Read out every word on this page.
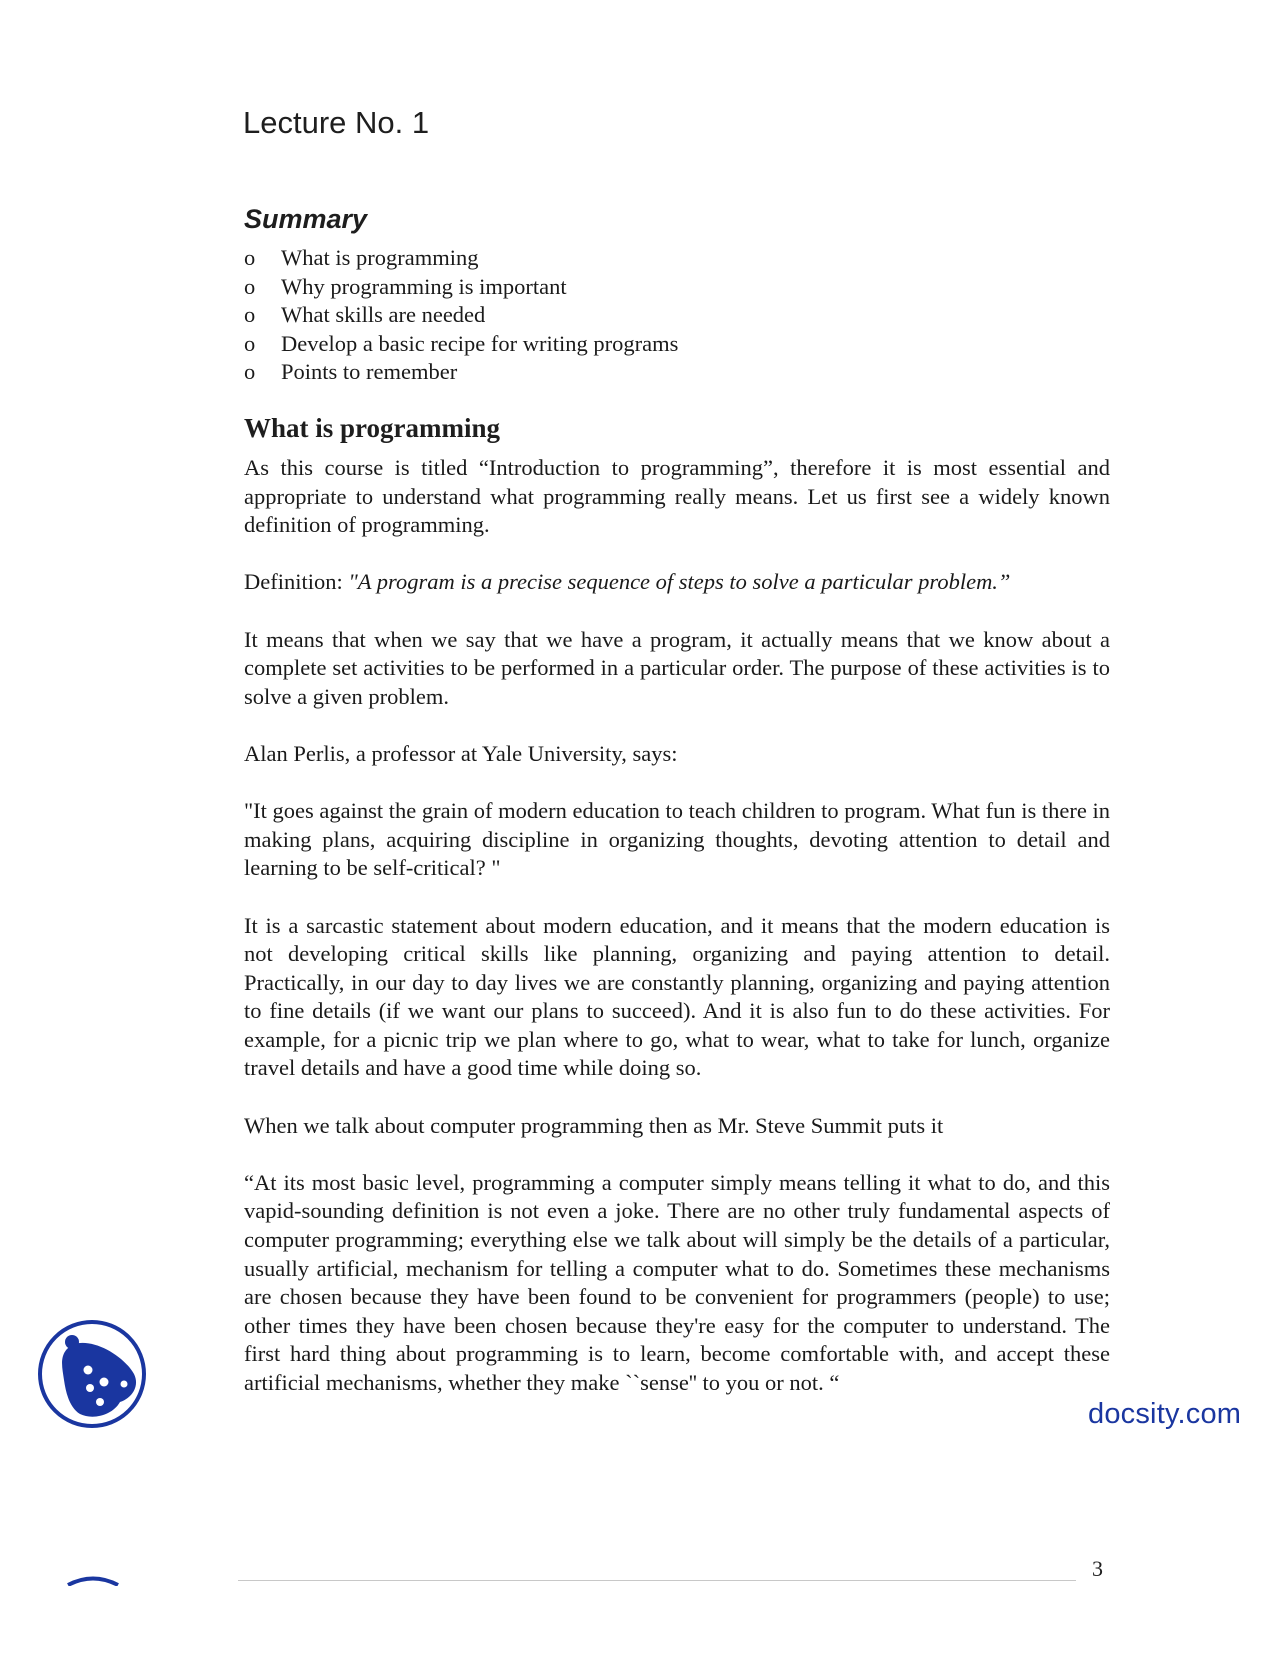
Lecture No. 1
Summary
o	What is programming
o	Why programming is important
o	What skills are needed
o	Develop a basic recipe for writing programs
o	Points to remember
What is programming

As this course is titled “Introduction to programming”, therefore it is most essential and appropriate to understand what programming really means. Let us first see a widely known definition of programming.

Definition: "A program is a precise sequence of steps to solve a particular problem.”

It means that when we say that we have a program, it actually means that we know about a complete set activities to be performed in a particular order. The purpose of these activities is to solve a given problem.

Alan Perlis, a professor at Yale University, says:

"It goes against the grain of modern education to teach children to program. What fun is there in making plans, acquiring discipline in organizing thoughts, devoting attention to detail and learning to be self-critical? "

It is a sarcastic statement about modern education, and it means that the modern education is not developing critical skills like planning, organizing and paying attention to detail. Practically, in our day to day lives we are constantly planning, organizing and paying attention to fine details (if we want our plans to succeed). And it is also fun to do these activities. For example, for a picnic trip we plan where to go, what to wear, what to take for lunch, organize travel details and have a good time while doing so.

When we talk about computer programming then as Mr. Steve Summit puts it

“At its most basic level, programming a computer simply means telling it what to do, and this vapid-sounding definition is not even a joke. There are no other truly fundamental aspects of computer programming; everything else we talk about will simply be the details of a particular, usually artificial, mechanism for telling a computer what to do. Sometimes these mechanisms are chosen because they have been found to be convenient for programmers (people) to use; other times they have been chosen because they're easy for the computer to understand. The first hard thing about programming is to learn, become comfortable with, and accept these artificial mechanisms, whether they make ``sense'' to you or not. “

docsity.com
3
